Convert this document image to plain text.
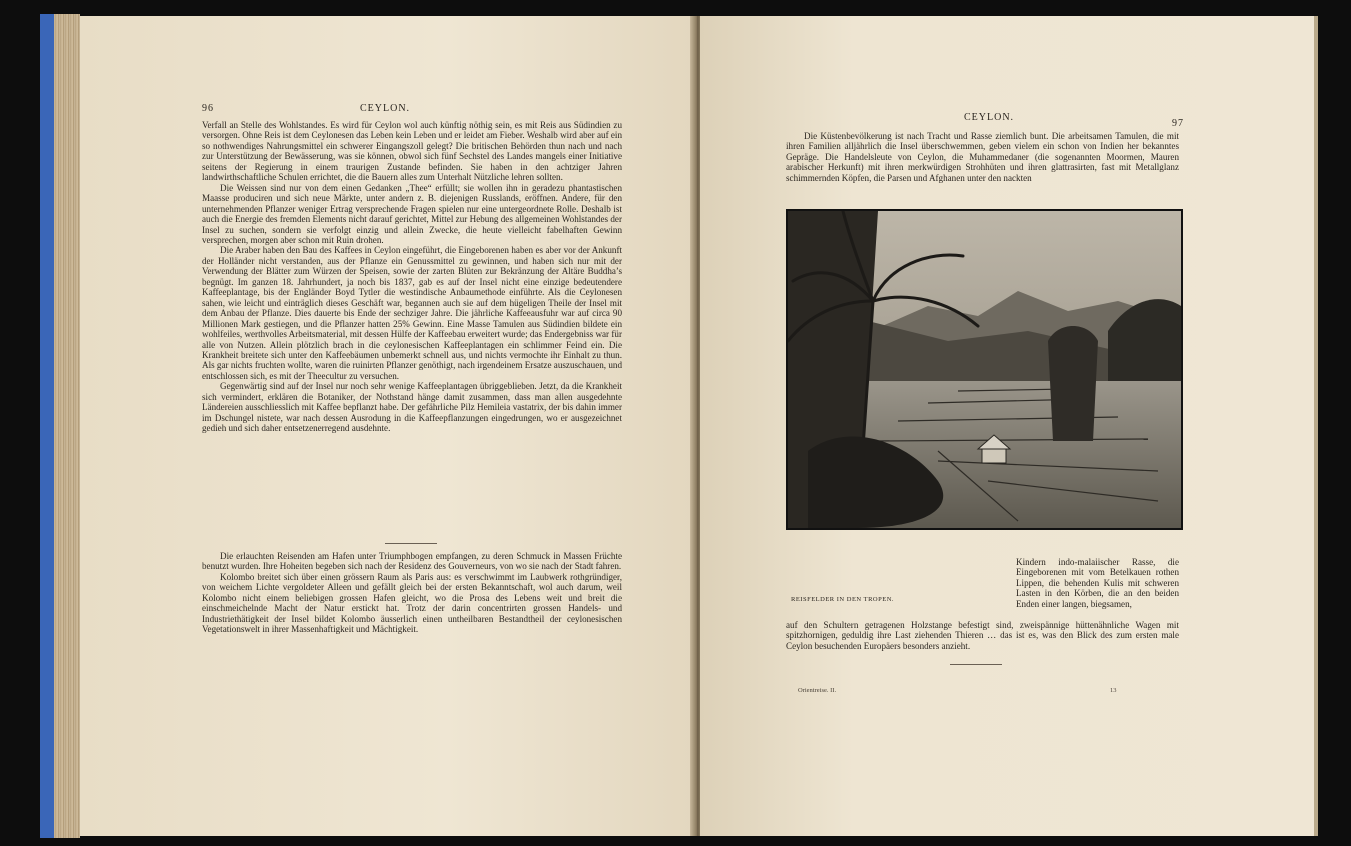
96	CEYLON.

Verfall an Stelle des Wohlstandes. Es wird für Ceylon wol auch künftig nöthig sein, es mit Reis aus Südindien zu versorgen. Ohne Reis ist dem Ceylonesen das Leben kein Leben und er leidet am Fieber. Weshalb wird aber auf ein so nothwendiges Nahrungsmittel ein schwerer Eingangszoll gelegt? Die britischen Behörden thun nach und nach zur Unterstützung der Bewässerung, was sie können, obwol sich fünf Sechstel des Landes mangels einer Initiative seitens der Regierung in einem traurigen Zustande befinden. Sie haben in den achtziger Jahren landwirthschaftliche Schulen errichtet, die die Bauern alles zum Unterhalt Nützliche lehren sollten.

Die Weissen sind nur von dem einen Gedanken „Thee“ erfüllt; sie wollen ihn in geradezu phantastischen Maasse produciren und sich neue Märkte, unter andern z. B. diejenigen Russlands, eröffnen. Andere, für den unternehmenden Pflanzer weniger Ertrag versprechende Fragen spielen nur eine untergeordnete Rolle. Deshalb ist auch die Energie des fremden Elements nicht darauf gerichtet, Mittel zur Hebung des allgemeinen Wohlstandes der Insel zu suchen, sondern sie verfolgt einzig und allein Zwecke, die heute vielleicht fabelhaften Gewinn versprechen, morgen aber schon mit Ruin drohen.

Die Araber haben den Bau des Kaffees in Ceylon eingeführt, die Eingeborenen haben es aber vor der Ankunft der Holländer nicht verstanden, aus der Pflanze ein Genussmittel zu gewinnen, und haben sich nur mit der Verwendung der Blätter zum Würzen der Speisen, sowie der zarten Blüten zur Bekränzung der Altäre Buddha’s begnügt. Im ganzen 18. Jahrhundert, ja noch bis 1837, gab es auf der Insel nicht eine einzige bedeutendere Kaffeeplantage, bis der Engländer Boyd Tytler die westindische Anbaumethode einführte. Als die Ceylonesen sahen, wie leicht und einträglich dieses Geschäft war, begannen auch sie auf dem hügeligen Theile der Insel mit dem Anbau der Pflanze. Dies dauerte bis Ende der sechziger Jahre. Die jährliche Kaffeeausfuhr war auf circa 90 Millionen Mark gestiegen, und die Pflanzer hatten 25% Gewinn. Eine Masse Tamulen aus Südindien bildete ein wohlfeiles, werthvolles Arbeitsmaterial, mit dessen Hülfe der Kaffeebau erweitert wurde; das Endergebniss war für alle von Nutzen. Allein plötzlich brach in die ceylonesischen Kaffeeplantagen ein schlimmer Feind ein. Die Krankheit breitete sich unter den Kaffeebäumen unbemerkt schnell aus, und nichts vermochte ihr Einhalt zu thun. Als gar nichts fruchten wollte, waren die ruinirten Pflanzer genöthigt, nach irgendeinem Ersatze auszuschauen, und entschlossen sich, es mit der Theecultur zu versuchen.

Gegenwärtig sind auf der Insel nur noch sehr wenige Kaffeeplantagen übriggeblieben. Jetzt, da die Krankheit sich vermindert, erklären die Botaniker, der Nothstand hänge damit zusammen, dass man allen ausgedehnte Ländereien ausschliesslich mit Kaffee bepflanzt habe. Der gefährliche Pilz Hemileia vastatrix, der bis dahin immer im Dschungel nistete, war nach dessen Ausrodung in die Kaffeepflanzungen eingedrungen, wo er ausgezeichnet gedieh und sich daher entsetzenerregend ausdehnte.

Die erlauchten Reisenden am Hafen unter Triumphbogen empfangen, zu deren Schmuck in Massen Früchte benutzt wurden. Ihre Hoheiten begeben sich nach der Residenz des Gouverneurs, von wo sie nach der Stadt fahren.

Kolombo breitet sich über einen grössern Raum als Paris aus: es verschwimmt im Laubwerk rothgründiger, von weichem Lichte vergoldeter Alleen und gefällt gleich bei der ersten Bekanntschaft, wol auch darum, weil Kolombo nicht einem beliebigen grossen Hafen gleicht, wo die Prosa des Lebens weit und breit die einschmeichelnde Macht der Natur erstickt hat. Trotz der darin concentrirten grossen Handels- und Industriethätigkeit der Insel bildet Kolombo äusserlich einen untheilbaren Bestandtheil der ceylonesischen Vegetationswelt in ihrer Massenhaftigkeit und Mächtigkeit.

CEYLON.
97

Die Küstenbevölkerung ist nach Tracht und Rasse ziemlich bunt. Die arbeitsamen Tamulen, die mit ihren Familien alljährlich die Insel überschwemmen, geben vielem ein schon von Indien her bekanntes Gepräge. Die Handelsleute von Ceylon, die Muhammedaner (die sogenannten Moormen, Mauren arabischer Herkunft) mit ihren merkwürdigen Strohhüten und ihren glattrasirten, fast mit Metallglanz schimmernden Köpfen, die Parsen und Afghanen unter den nackten

REISFELDER IN DEN TROPEN.

Kindern indo-malaiischer Rasse, die Eingeborenen mit vom Betelkauen rothen Lippen, die behenden Kulis mit schweren Lasten in den Körben, die an den beiden Enden einer langen, biegsamen,

auf den Schultern getragenen Holzstange befestigt sind, zweispännige hüttenähnliche Wagen mit spitzhornigen, geduldig ihre Last ziehenden Thieren … das ist es, was den Blick des zum ersten male Ceylon besuchenden Europäers besonders anzieht.

Orientreise. II.	13
